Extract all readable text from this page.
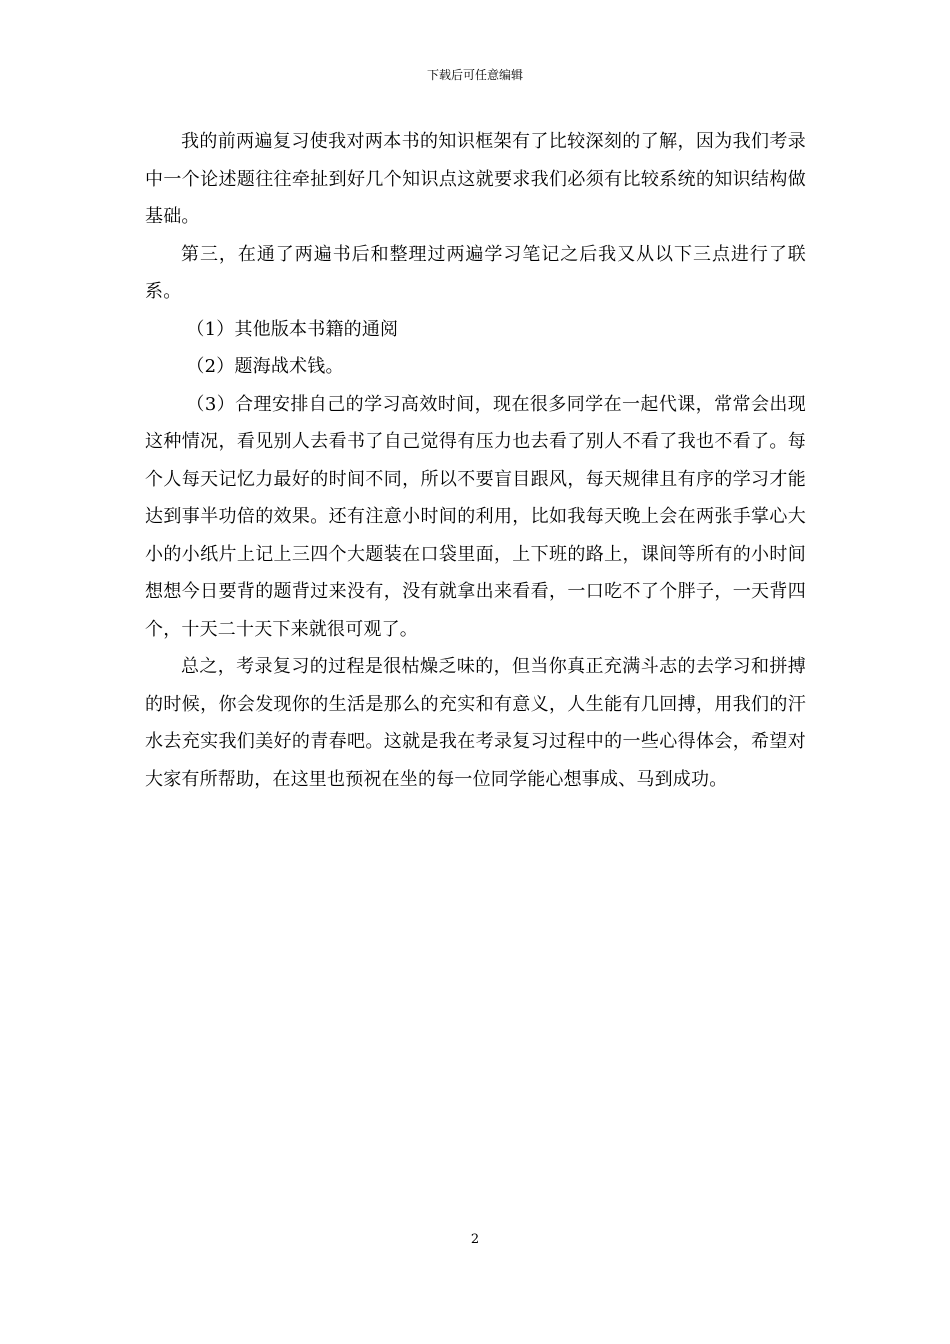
下载后可任意编辑

我的前两遍复习使我对两本书的知识框架有了比较深刻的了解，因为我们考录中一个论述题往往牵扯到好几个知识点这就要求我们必须有比较系统的知识结构做基础。

第三，在通了两遍书后和整理过两遍学习笔记之后我又从以下三点进行了联系。

（1）其他版本书籍的通阅

（2）题海战术钱。

（3）合理安排自己的学习高效时间，现在很多同学在一起代课，常常会出现这种情况，看见别人去看书了自己觉得有压力也去看了别人不看了我也不看了。每个人每天记忆力最好的时间不同，所以不要盲目跟风，每天规律且有序的学习才能达到事半功倍的效果。还有注意小时间的利用，比如我每天晚上会在两张手掌心大小的小纸片上记上三四个大题装在口袋里面，上下班的路上，课间等所有的小时间想想今日要背的题背过来没有，没有就拿出来看看，一口吃不了个胖子，一天背四个，十天二十天下来就很可观了。

总之，考录复习的过程是很枯燥乏味的，但当你真正充满斗志的去学习和拼搏的时候，你会发现你的生活是那么的充实和有意义，人生能有几回搏，用我们的汗水去充实我们美好的青春吧。这就是我在考录复习过程中的一些心得体会，希望对大家有所帮助，在这里也预祝在坐的每一位同学能心想事成、马到成功。

2
